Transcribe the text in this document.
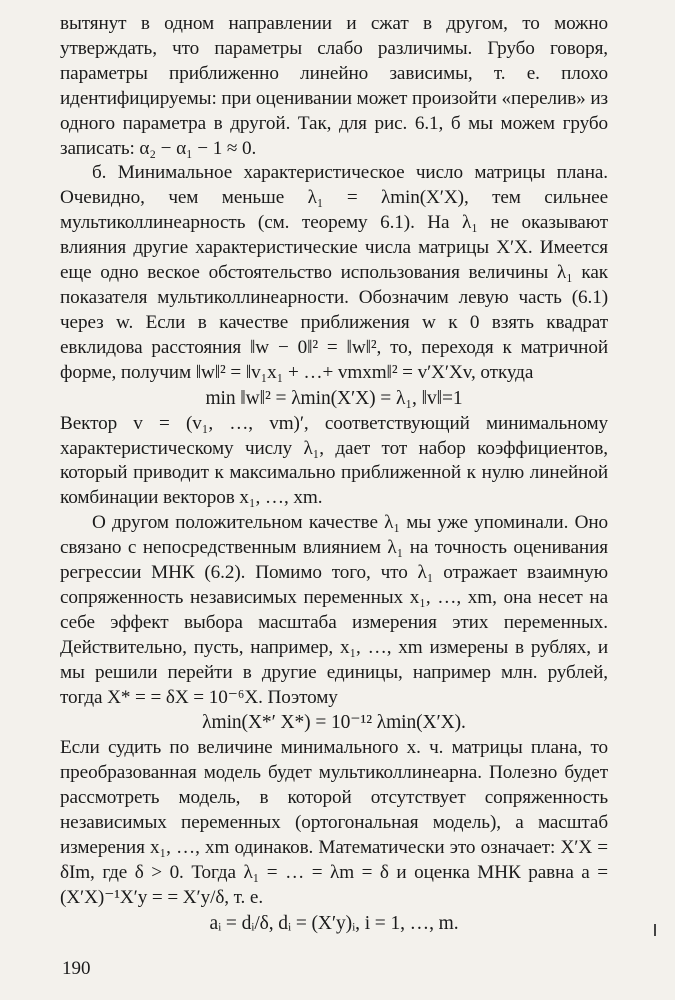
вытянут в одном направлении и сжат в другом, то можно утверждать, что параметры слабо различимы. Грубо говоря, параметры приближенно линейно зависимы, т. е. плохо идентифицируемы: при оценивании может произойти «перелив» из одного параметра в другой. Так, для рис. 6.1, б мы можем грубо записать: α₂ − α₁ − 1 ≈ 0.

б. Минимальное характеристическое число матрицы плана. Очевидно, чем меньше λ₁ = λmin(X′X), тем сильнее мультиколлинеарность (см. теорему 6.1). На λ₁ не оказывают влияния другие характеристические числа матрицы X′X. Имеется еще одно веское обстоятельство использования величины λ₁ как показателя мультиколлинеарности. Обозначим левую часть (6.1) через w. Если в качестве приближения w к 0 взять квадрат евклидова расстояния ‖w − 0‖² = ‖w‖², то, переходя к матричной форме, получим ‖w‖² = ‖v₁x₁ + …+ vmxm‖² = v′X′Xv, откуда

min ‖w‖² = λmin(X′X) = λ₁, ‖v‖=1

Вектор v = (v₁, …, vm)′, соответствующий минимальному характеристическому числу λ₁, дает тот набор коэффициентов, который приводит к максимально приближенной к нулю линейной комбинации векторов x₁, …, xm.

О другом положительном качестве λ₁ мы уже упоминали. Оно связано с непосредственным влиянием λ₁ на точность оценивания регрессии МНК (6.2). Помимо того, что λ₁ отражает взаимную сопряженность независимых переменных x₁, …, xm, она несет на себе эффект выбора масштаба измерения этих переменных. Действительно, пусть, например, x₁, …, xm измерены в рублях, и мы решили перейти в другие единицы, например млн. рублей, тогда X* = = δX = 10⁻⁶X. Поэтому

λmin(X*′ X*) = 10⁻¹² λmin(X′X).

Если судить по величине минимального х. ч. матрицы плана, то преобразованная модель будет мультиколлинеарна. Полезно будет рассмотреть модель, в которой отсутствует сопряженность независимых переменных (ортогональная модель), а масштаб измерения x₁, …, xm одинаков. Математически это означает: X′X = δIm, где δ > 0. Тогда λ₁ = … = λm = δ и оценка МНК равна a = (X′X)⁻¹X′y = = X′y/δ, т. е.

aᵢ = dᵢ/δ, dᵢ = (X′y)ᵢ, i = 1, …, m.

190
